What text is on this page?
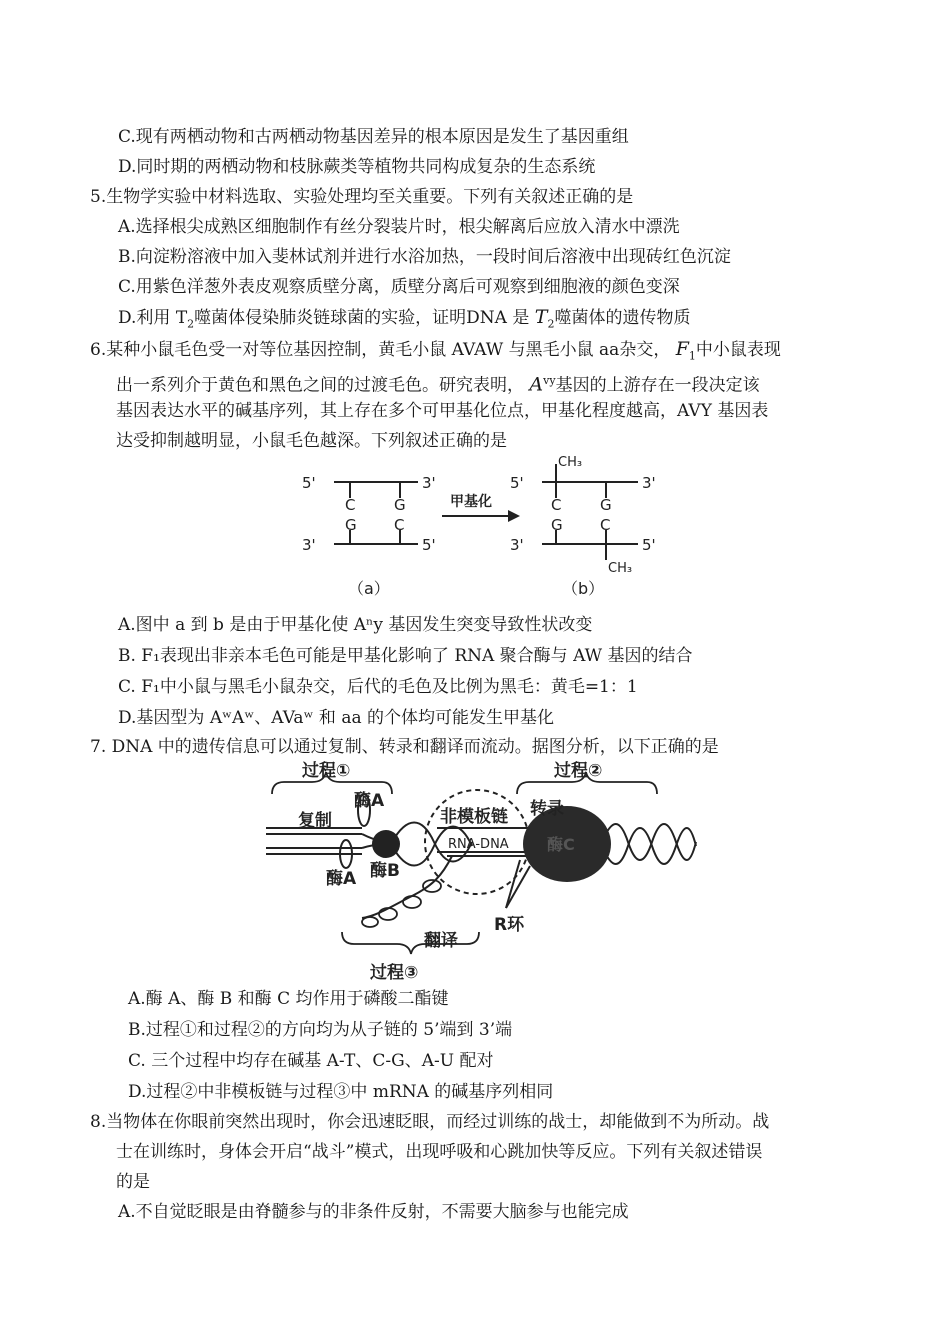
C.现有两栖动物和古两栖动物基因差异的根本原因是发生了基因重组
D.同时期的两栖动物和枝脉蕨类等植物共同构成复杂的生态系统
5.生物学实验中材料选取、实验处理均至关重要。下列有关叙述正确的是
A.选择根尖成熟区细胞制作有丝分裂装片时，根尖解离后应放入清水中漂洗
B.向淀粉溶液中加入斐林试剂并进行水浴加热，一段时间后溶液中出现砖红色沉淀
C.用紫色洋葱外表皮观察质壁分离，质壁分离后可观察到细胞液的颜色变深
D.利用 $T_2$噬菌体侵染肺炎链球菌的实验，证明DNA 是 $T_2$噬菌体的遗传物质
6.某种小鼠毛色受一对等位基因控制，黄毛小鼠 AVAW 与黑毛小鼠 aa杂交， $F_1$中小鼠表现
出一系列介于黄色和黑色之间的过渡毛色。研究表明， $A^{vy}$基因的上游存在一段决定该
基因表达水平的碱基序列，其上存在多个可甲基化位点，甲基化程度越高，AVY 基因表
达受抑制越明显，小鼠毛色越深。下列叙述正确的是
5'	3'
3'	5'
C	G
G C
5'	3'
3'	5'
C	G
G C
CH₃
CH₃
甲基化
（a）	（b）
A.图中 a 到 b 是由于甲基化使 Aⁿy 基因发生突变导致性状改变
B. F₁表现出非亲本毛色可能是甲基化影响了 RNA 聚合酶与 AW 基因的结合
C. F₁中小鼠与黑毛小鼠杂交，后代的毛色及比例为黑毛：黄毛=1：1
D.基因型为 AʷAʷ、AVaʷ 和 aa 的个体均可能发生甲基化
7. DNA 中的遗传信息可以通过复制、转录和翻译而流动。据图分析，以下正确的是
过程①	过程②
过程③
复制
转录
翻译
酶A
酶A 酶B
非模板链
R环
RNA-DNA 酶C
A.酶 A、酶 B 和酶 C 均作用于磷酸二酯键
B.过程①和过程②的方向均为从子链的 5’端到 3’端
C. 三个过程中均存在碱基 A-T、C-G、A-U 配对
D.过程②中非模板链与过程③中 mRNA 的碱基序列相同
8.当物体在你眼前突然出现时，你会迅速眨眼，而经过训练的战士，却能做到不为所动。战
士在训练时，身体会开启“战斗”模式，出现呼吸和心跳加快等反应。下列有关叙述错误
的是
A.不自觉眨眼是由脊髓参与的非条件反射，不需要大脑参与也能完成
